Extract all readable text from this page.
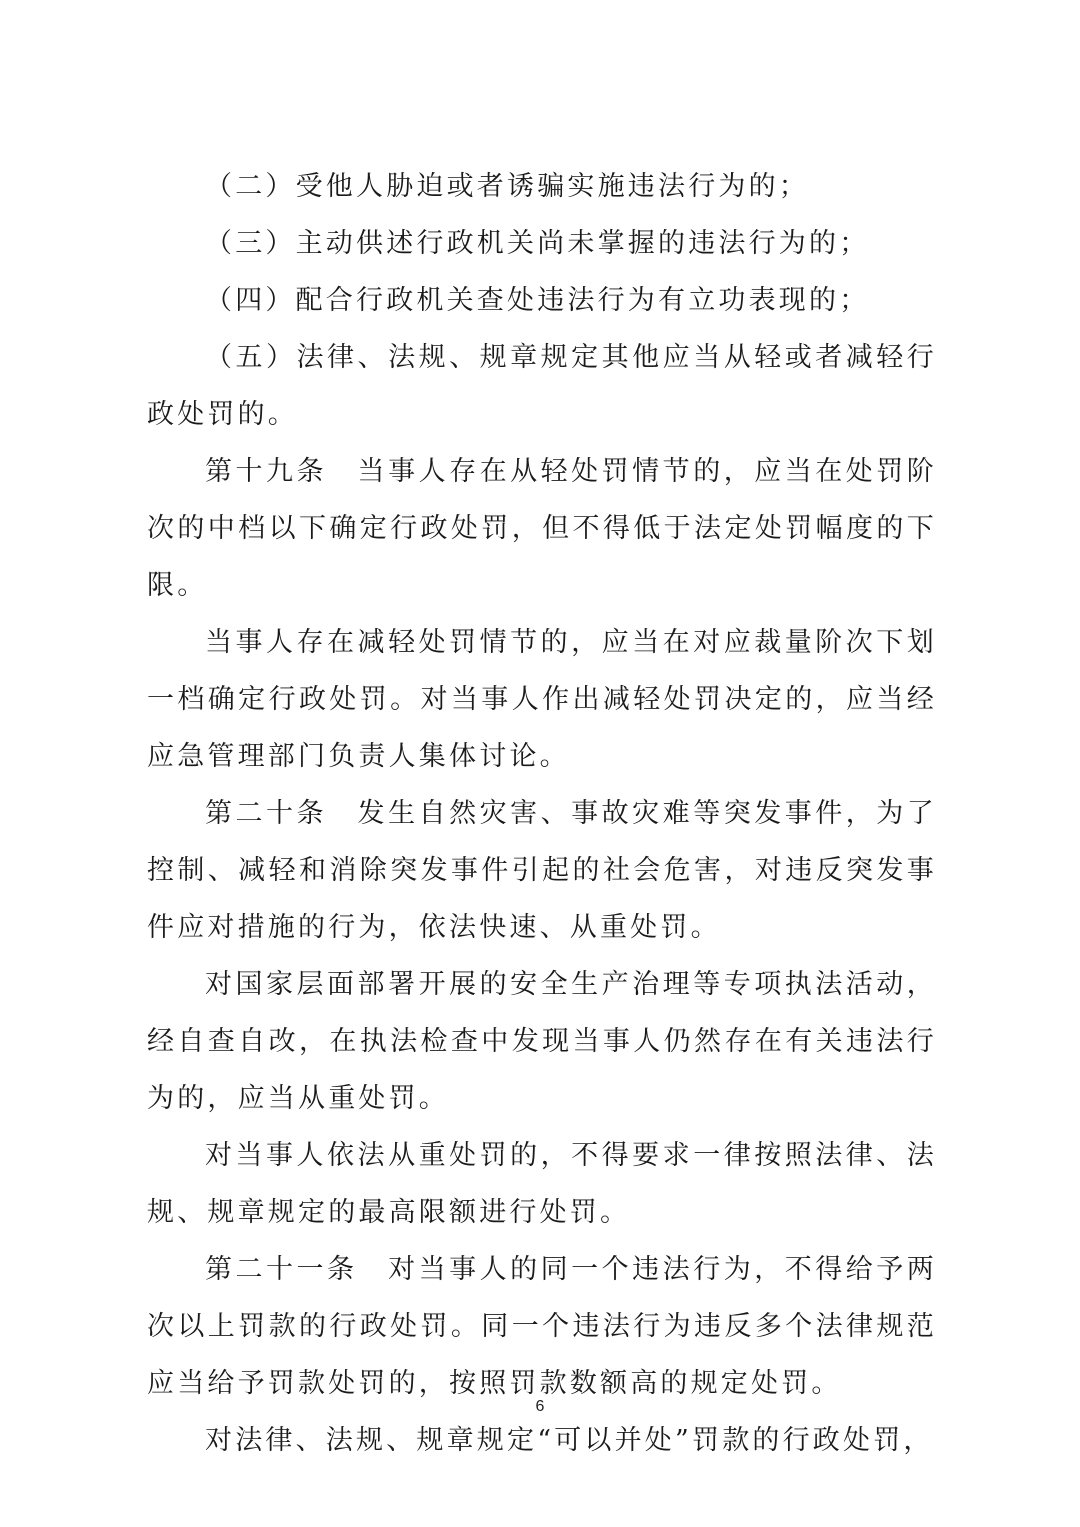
（二）受他人胁迫或者诱骗实施违法行为的；

（三）主动供述行政机关尚未掌握的违法行为的；

（四）配合行政机关查处违法行为有立功表现的；

（五）法律、法规、规章规定其他应当从轻或者减轻行政处罚的。

第十九条　当事人存在从轻处罚情节的，应当在处罚阶次的中档以下确定行政处罚，但不得低于法定处罚幅度的下限。

当事人存在减轻处罚情节的，应当在对应裁量阶次下划一档确定行政处罚。对当事人作出减轻处罚决定的，应当经应急管理部门负责人集体讨论。

第二十条　发生自然灾害、事故灾难等突发事件，为了控制、减轻和消除突发事件引起的社会危害，对违反突发事件应对措施的行为，依法快速、从重处罚。

对国家层面部署开展的安全生产治理等专项执法活动，经自查自改，在执法检查中发现当事人仍然存在有关违法行为的，应当从重处罚。

对当事人依法从重处罚的，不得要求一律按照法律、法规、规章规定的最高限额进行处罚。

第二十一条　对当事人的同一个违法行为，不得给予两次以上罚款的行政处罚。同一个违法行为违反多个法律规范应当给予罚款处罚的，按照罚款数额高的规定处罚。

对法律、法规、规章规定“可以并处”罚款的行政处罚，

6
